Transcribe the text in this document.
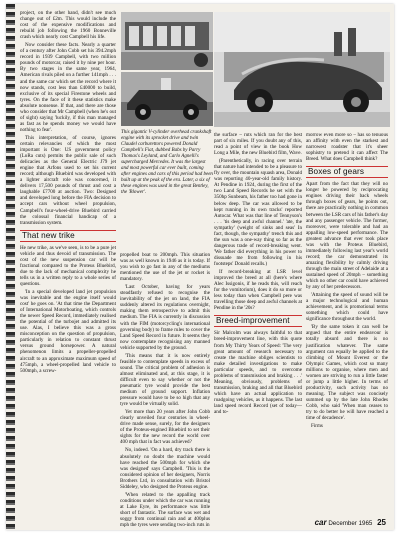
project, on the other hand, didn't see much change out of £2m. This would include the cost of the expensive modifications and rebuild job following the 1960 Bonneville crash which nearly cost Campbell his life.

Now consider these facts. Nearly a quarter of a century after John Cobb set his 394.2mph record in 1939 Campbell, with two million pounds of motorcar, raised it by nine per hour. By two stages in the same year, 1964, American rivals piled on a further 141mph . . . and the same car which set the record where it now stands, cost less than £40000 to build, exclusive of its special Firestone wheels and tyres. On the face of it these statistics make absolute nonsense. If that, and there are those who consider that Mr Campbell (when he's out of sight) saying 'luckily, if this man managed as fast as he spends money we would have nothing to fear'.

This interpretation, of course, ignores certain relevancies of which the most important is One: US government policy (LoRa cuts) permits the public sale of such delicacies as the General Electric J79 jet engine that Arfons used to set his current record; although Bluebird was developed with a lighter aircraft role was concerned, it delivers 17,500 pounds of thrust and cost a laughable £7700 at auction. Two: Designed and developed long before the FIA decision to accept cars without wheel propulsion, Campbell's four-wheel-drive Bluebird carried the colossal financial handicap of a transmission system.

That new trike

He new trike, as we've seen, is to be a pure jet vehicle and thus devoid of transmission. The cost of the new suspension car will be fractional compared to the Proteus Bluebird, due to the lack of mechanical complexity he tells us in a written reply to a whole series of questions.

'In a special developed land jet propulsion was inevitable and the engine itself would cost' he goes on. 'At that time the Department of International Motorboating, which controls the newer Speed Record, immediately realised the potential of the turbojet and admitted its use. Alas, I believe this was a gross misconception on the question of propulsion, particularly in relation to constant thrust versus ground horsepower. A natural phenomenon limits a propeller-propelled aircraft to an approximate maximum speed of 475mph, a wheel-propelled land vehicle to 500mph, a screw-

This gigantic V-cylinder overhead crankshaft engine with its sprocket drive and twin Claudel carburettors powered Donald Campbell's Fiat, dubbed Babs by Parry Thomas's Leyland, and Carlo Agnelli's supercharged Mercedes. It was the largest and most powerful car ever built, coming after engines and cars of this period had been built up at the peak of the era. Later, a six of these engines was used in the great Bentley, the 'Blower'.

propelled boat to 200mph. This situation was as well known in 1946 as it is today. If you wish to go fast in any of the mediums mentioned the use of the jet or rocket is mandatory.

'Last October, having for years steadfastly refused to recognise the inevitability of the jet on land, the FIA suddenly altered its regulations overnight, making them retrospective to admit this medium. The FIA is currently in discussion with the FIM (motorcycling's international governing body) to frame rules to cover the Land Speed Record in future. It seems they now contemplate recognising any manned vehicle supported by the ground.

'This means that it is now entirely feasible to contemplate speeds in excess of sound. The critical problem of adhesion is almost eliminated and, at this stage, it is difficult even to say whether or not the pneumatic tyre would provide the best medium of ground support. Inflation pressure would have to be so high that any tyre would be virtually solid.

Yet more than 20 years after John Cobb clearly unveiled four centuries in wheel-drive made sense, surely, for the designers of the Proteus-engined Bluebird to set their sights for the new record the world over 400 mph that in fact was achieved?

No, indeed. 'On a hard, dry track there is absolutely no doubt the machine would have reached the 500mph for which she was designed' says Campbell. 'This is the considered opinion of her designers, Norris Brothers Ltd, in consultation with Bristol Siddeley, who designed the Proteus engine.

'When related to the appalling track conditions under which the car was running at Lake Eyre, its performance was little short of fantastic. The surface was wet and soggy from continual rain and at 400plus mph the tyres were sending two-inch ruts in

the surface – ruts which ran for the best part of six miles. If you doubt any of this, read a point of view in the book How Long a Mile, the new Bluebird film, Wave.

(Parenthetically, in racing over terrain that nature had intended to be a pleasure to fly over, the mountain squash area, Donald was reporting 40-year-old family history. At Pendine in 1924, during the first of the two Land Speed Records he set with the 350hp Sunbeam, his father too had gone in below deep. The car was allowed to be kept running in its own tracks' reported Autocar. What was that line of Tennyson's . . . 'tis deep and awful channel.' 'ate, the sympathy' (weight of sinks and seas' In fact, though, the sympathy' trench this and the sun was a one-way thing so far as the dangerous trade of record-breaking went. 'We father did everything in his power to dissuade me from following in his footsteps' Donald recalls.)

If record-breaking at LSR level improved the breed at all (here's where Alec Issigonis, if he reads this, will reach for the vomitorium), does it do so more or less today than when Campbell pere was travelling those deep and awful channels at Pendine in the '20s?

Breed-improvement

Sir Malcolm was always faithful to that breed-improvement line, with this quote from My Thirty Years of Speed: 'The very great amount of research necessary to create the machine obliges scientists to make detailed investigations to make particular speeds, and to overcome problems of transmission and braking . . .' Meaning, obviously, problems of transmission, braking and all that Bluebird which have an actual application to roadgoing vehicles, as it happens. The last land speed record Record (set of today—and to-

morrow even more so – has so tenuous an affinity with even the starkest and narrowest roadster that it's sheer sophistry to pretend it can affect The Breed. What does Campbell think?

Boxes of gears

Apart from the fact that they will no longer be powered by reciprocating engines driving their back wheels through boxes of gears, he points out, there are practically nothing in common between the LSR cars of his father's day and any passenger vehicle. The former, moreover, were tolerable and had an appalling low-speed performance. The greatest advance that ever took place was with the Proteus Bluebird, immediately following last year's world record; the car demonstrated its amazing flexibility by calmly driving through the main street of Adelaide at a sustained speed of 20mph – something which no other car could have achieved by any of her predecessors.

'Attaining the speed of sound will be a major technological and human achievement, and is promotional terms something which could have significance throughout the world.

'By the same token it can well be argued that the entire endeavour is totally absurd and there is no justification whatever. The same argument can equally be applied to the climbing of Mount Everest or the Olympic Games, which cost so many millions to organise, where men and women are striving to run a little faster or jump a little higher. In terms of productivity, such activity has no meaning. The subject was concisely summed up by the late John Rhodes Cobb, who said 'When man ceases to try to do better he will have reached a time of decadence'.

Firms

car December 1965 25
